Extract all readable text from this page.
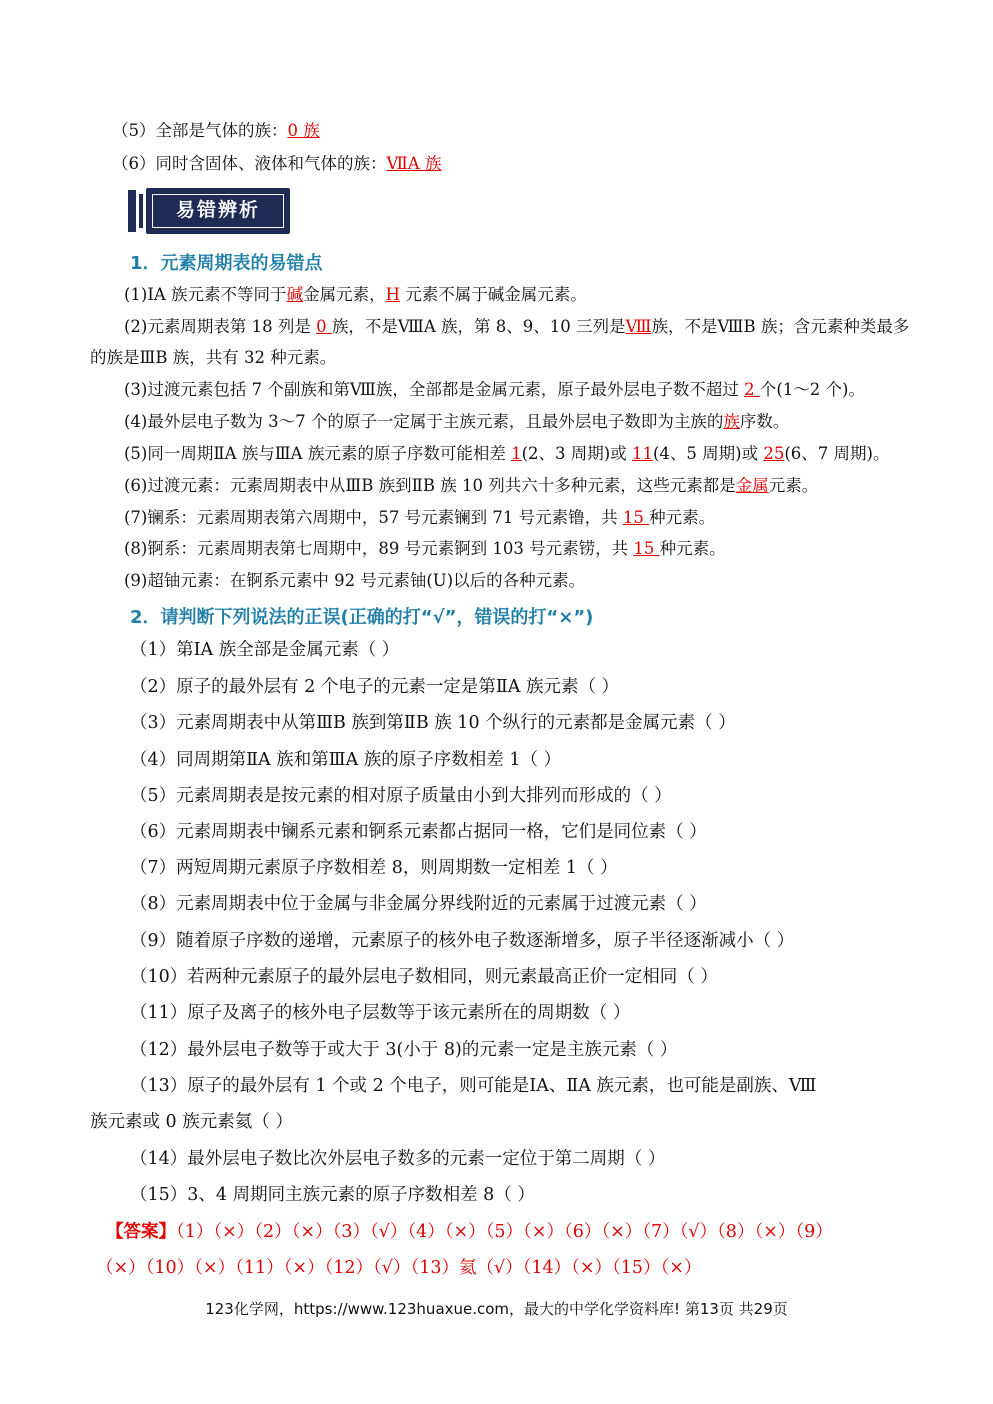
（5）全部是气体的族：0 族
（6）同时含固体、液体和气体的族：ⅦA 族
易错辨析
1．元素周期表的易错点
(1)ⅠA 族元素不等同于碱金属元素，H 元素不属于碱金属元素。
(2)元素周期表第 18 列是 0 族，不是ⅧA 族，第 8、9、10 三列是Ⅷ族，不是ⅧB 族；含元素种类最多
的族是ⅢB 族，共有 32 种元素。
(3)过渡元素包括 7 个副族和第Ⅷ族，全部都是金属元素，原子最外层电子数不超过 2 个(1～2 个)。
(4)最外层电子数为 3～7 个的原子一定属于主族元素，且最外层电子数即为主族的族序数。
(5)同一周期ⅡA 族与ⅢA 族元素的原子序数可能相差 1(2、3 周期)或 11(4、5 周期)或 25(6、7 周期)。
(6)过渡元素：元素周期表中从ⅢB 族到ⅡB 族 10 列共六十多种元素，这些元素都是金属元素。
(7)镧系：元素周期表第六周期中，57 号元素镧到 71 号元素镥，共 15 种元素。
(8)锕系：元素周期表第七周期中，89 号元素锕到 103 号元素铹，共 15 种元素。
(9)超铀元素：在锕系元素中 92 号元素铀(U)以后的各种元素。
2．请判断下列说法的正误(正确的打“√”，错误的打“×”)
（1）第ⅠA 族全部是金属元素（ ）
（2）原子的最外层有 2 个电子的元素一定是第ⅡA 族元素（ ）
（3）元素周期表中从第ⅢB 族到第ⅡB 族 10 个纵行的元素都是金属元素（ ）
（4）同周期第ⅡA 族和第ⅢA 族的原子序数相差 1（ ）
（5）元素周期表是按元素的相对原子质量由小到大排列而形成的（ ）
（6）元素周期表中镧系元素和锕系元素都占据同一格，它们是同位素（ ）
（7）两短周期元素原子序数相差 8，则周期数一定相差 1（ ）
（8）元素周期表中位于金属与非金属分界线附近的元素属于过渡元素（ ）
（9）随着原子序数的递增，元素原子的核外电子数逐渐增多，原子半径逐渐减小（ ）
（10）若两种元素原子的最外层电子数相同，则元素最高正价一定相同（ ）
（11）原子及离子的核外电子层数等于该元素所在的周期数（ ）
（12）最外层电子数等于或大于 3(小于 8)的元素一定是主族元素（ ）
（13）原子的最外层有 1 个或 2 个电子，则可能是ⅠA、ⅡA 族元素，也可能是副族、Ⅷ
族元素或 0 族元素氦（ ）
（14）最外层电子数比次外层电子数多的元素一定位于第二周期（ ）
（15）3、4 周期同主族元素的原子序数相差 8（ ）
【答案】（1）（×）（2）（×）（3）（√）（4）（×）（5）（×）（6）（×）（7）（√）（8）（×）（9）
（×）（10）（×）（11）（×）（12）（√）（13）氦（√）（14）（×）（15）（×）
123化学网，https://www.123huaxue.com，最大的中学化学资料库! 第13页 共29页
